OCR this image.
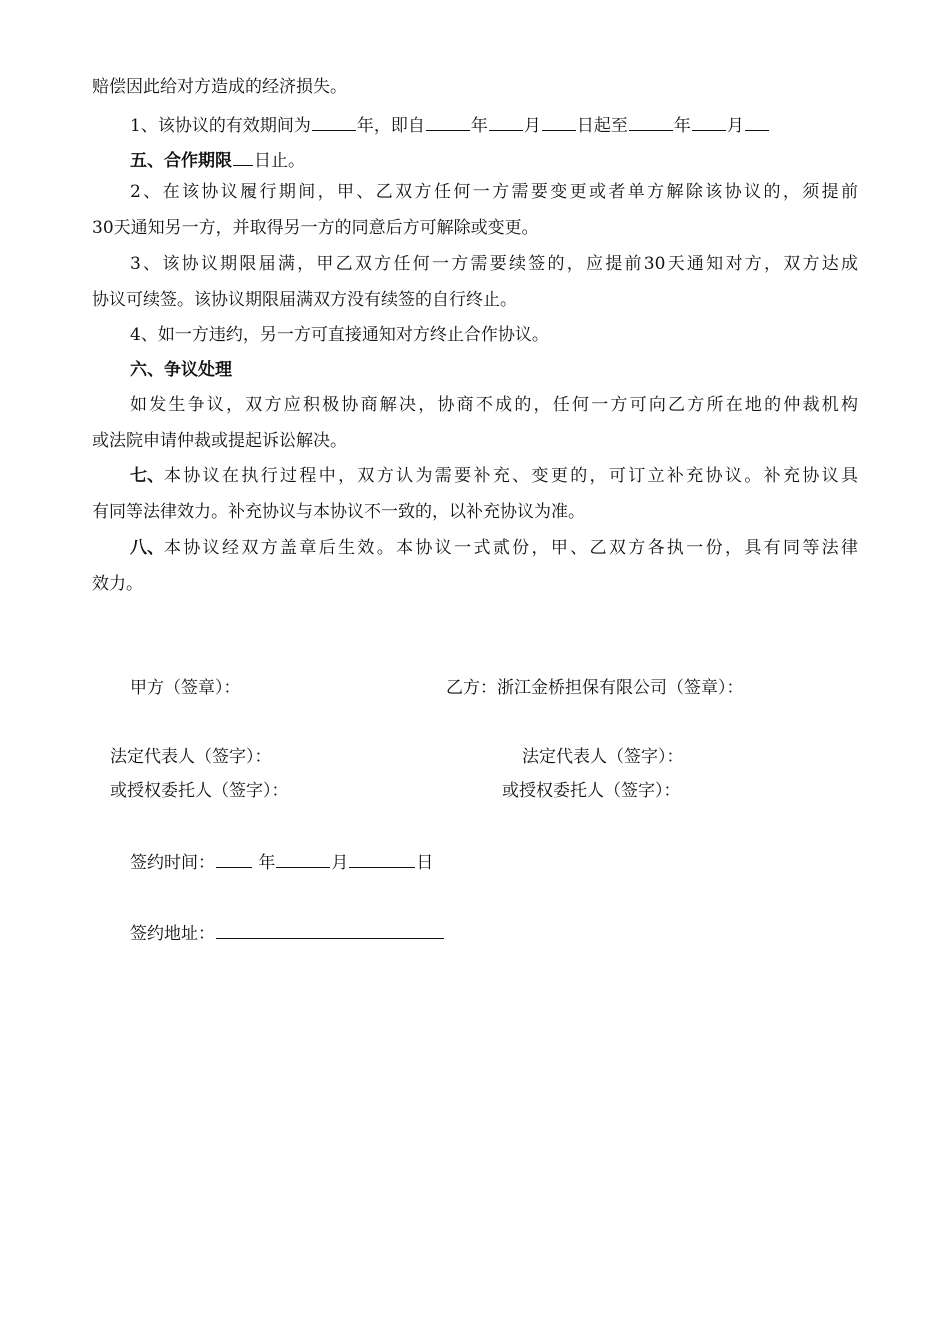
赔偿因此给对方造成的经济损失。
1、该协议的有效期间为	年，即自	年 月 日起至	年 月
五、合作期限 日止。
2、在该协议履行期间，甲、乙双方任何一方需要变更或者单方解除该协议的，须提前
30天通知另一方，并取得另一方的同意后方可解除或变更。
3、该协议期限届满，甲乙双方任何一方需要续签的，应提前30天通知对方，双方达成
协议可续签。该协议期限届满双方没有续签的自行终止。
4、如一方违约，另一方可直接通知对方终止合作协议。
六、争议处理
如发生争议，双方应积极协商解决，协商不成的，任何一方可向乙方所在地的仲裁机构
或法院申请仲裁或提起诉讼解决。
七、 本协议在执行过程中，双方认为需要补充、变更的，可订立补充协议。补充协议具
有同等法律效力。补充协议与本协议不一致的，以补充协议为准。
八、 本协议经双方盖章后生效。本协议一式贰份，甲、乙双方各执一份，具有同等法律
效力。
甲方（签章）：	乙方：浙江金桥担保有限公司（签章）：
法定代表人（签字）：	法定代表人（签字）：
或授权委托人（签字）：	或授权委托人（签字）：
签约时间：	年	月	日
签约地址：
